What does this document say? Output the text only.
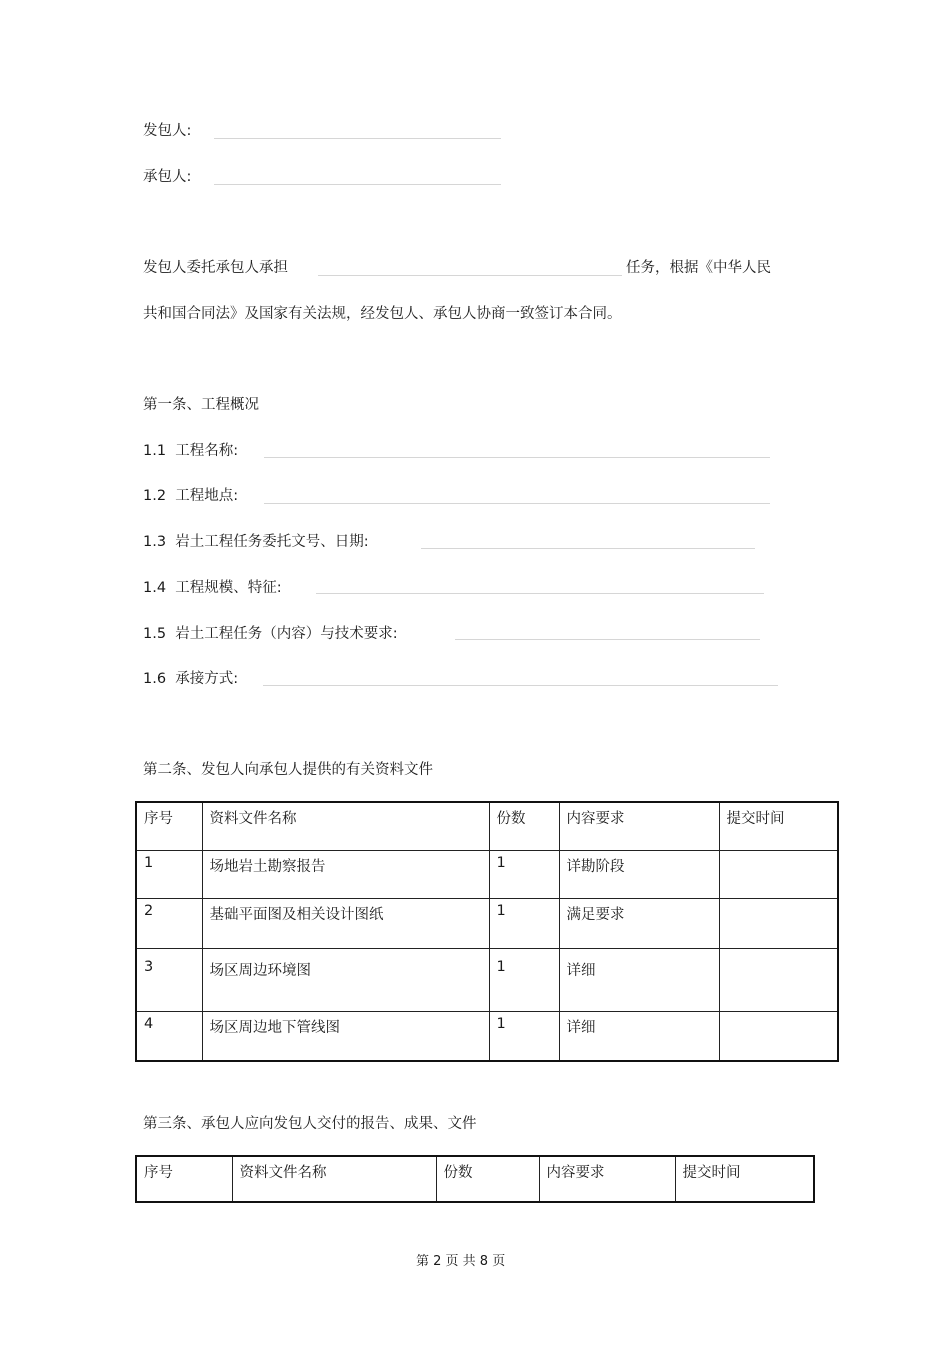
发包人:
承包人:
发包人委托承包人承担	任务，根据《中华人民
共和国合同法》及国家有关法规，经发包人、承包人协商一致签订本合同。
第一条、工程概况
1.1 工程名称:
1.2 工程地点:
1.3 岩土工程任务委托文号、日期:
1.4 工程规模、特征:
1.5 岩土工程任务（内容）与技术要求:
1.6 承接方式:
第二条、发包人向承包人提供的有关资料文件
序号	资料文件名称	份数	内容要求	提交时间
1	场地岩土勘察报告	1	详勘阶段	
2	基础平面图及相关设计图纸	1	满足要求	
3	场区周边环境图	1	详细	
4	场区周边地下管线图	1	详细	
第三条、承包人应向发包人交付的报告、成果、文件
序号	资料文件名称	份数	内容要求	提交时间
第 2 页 共 8 页
